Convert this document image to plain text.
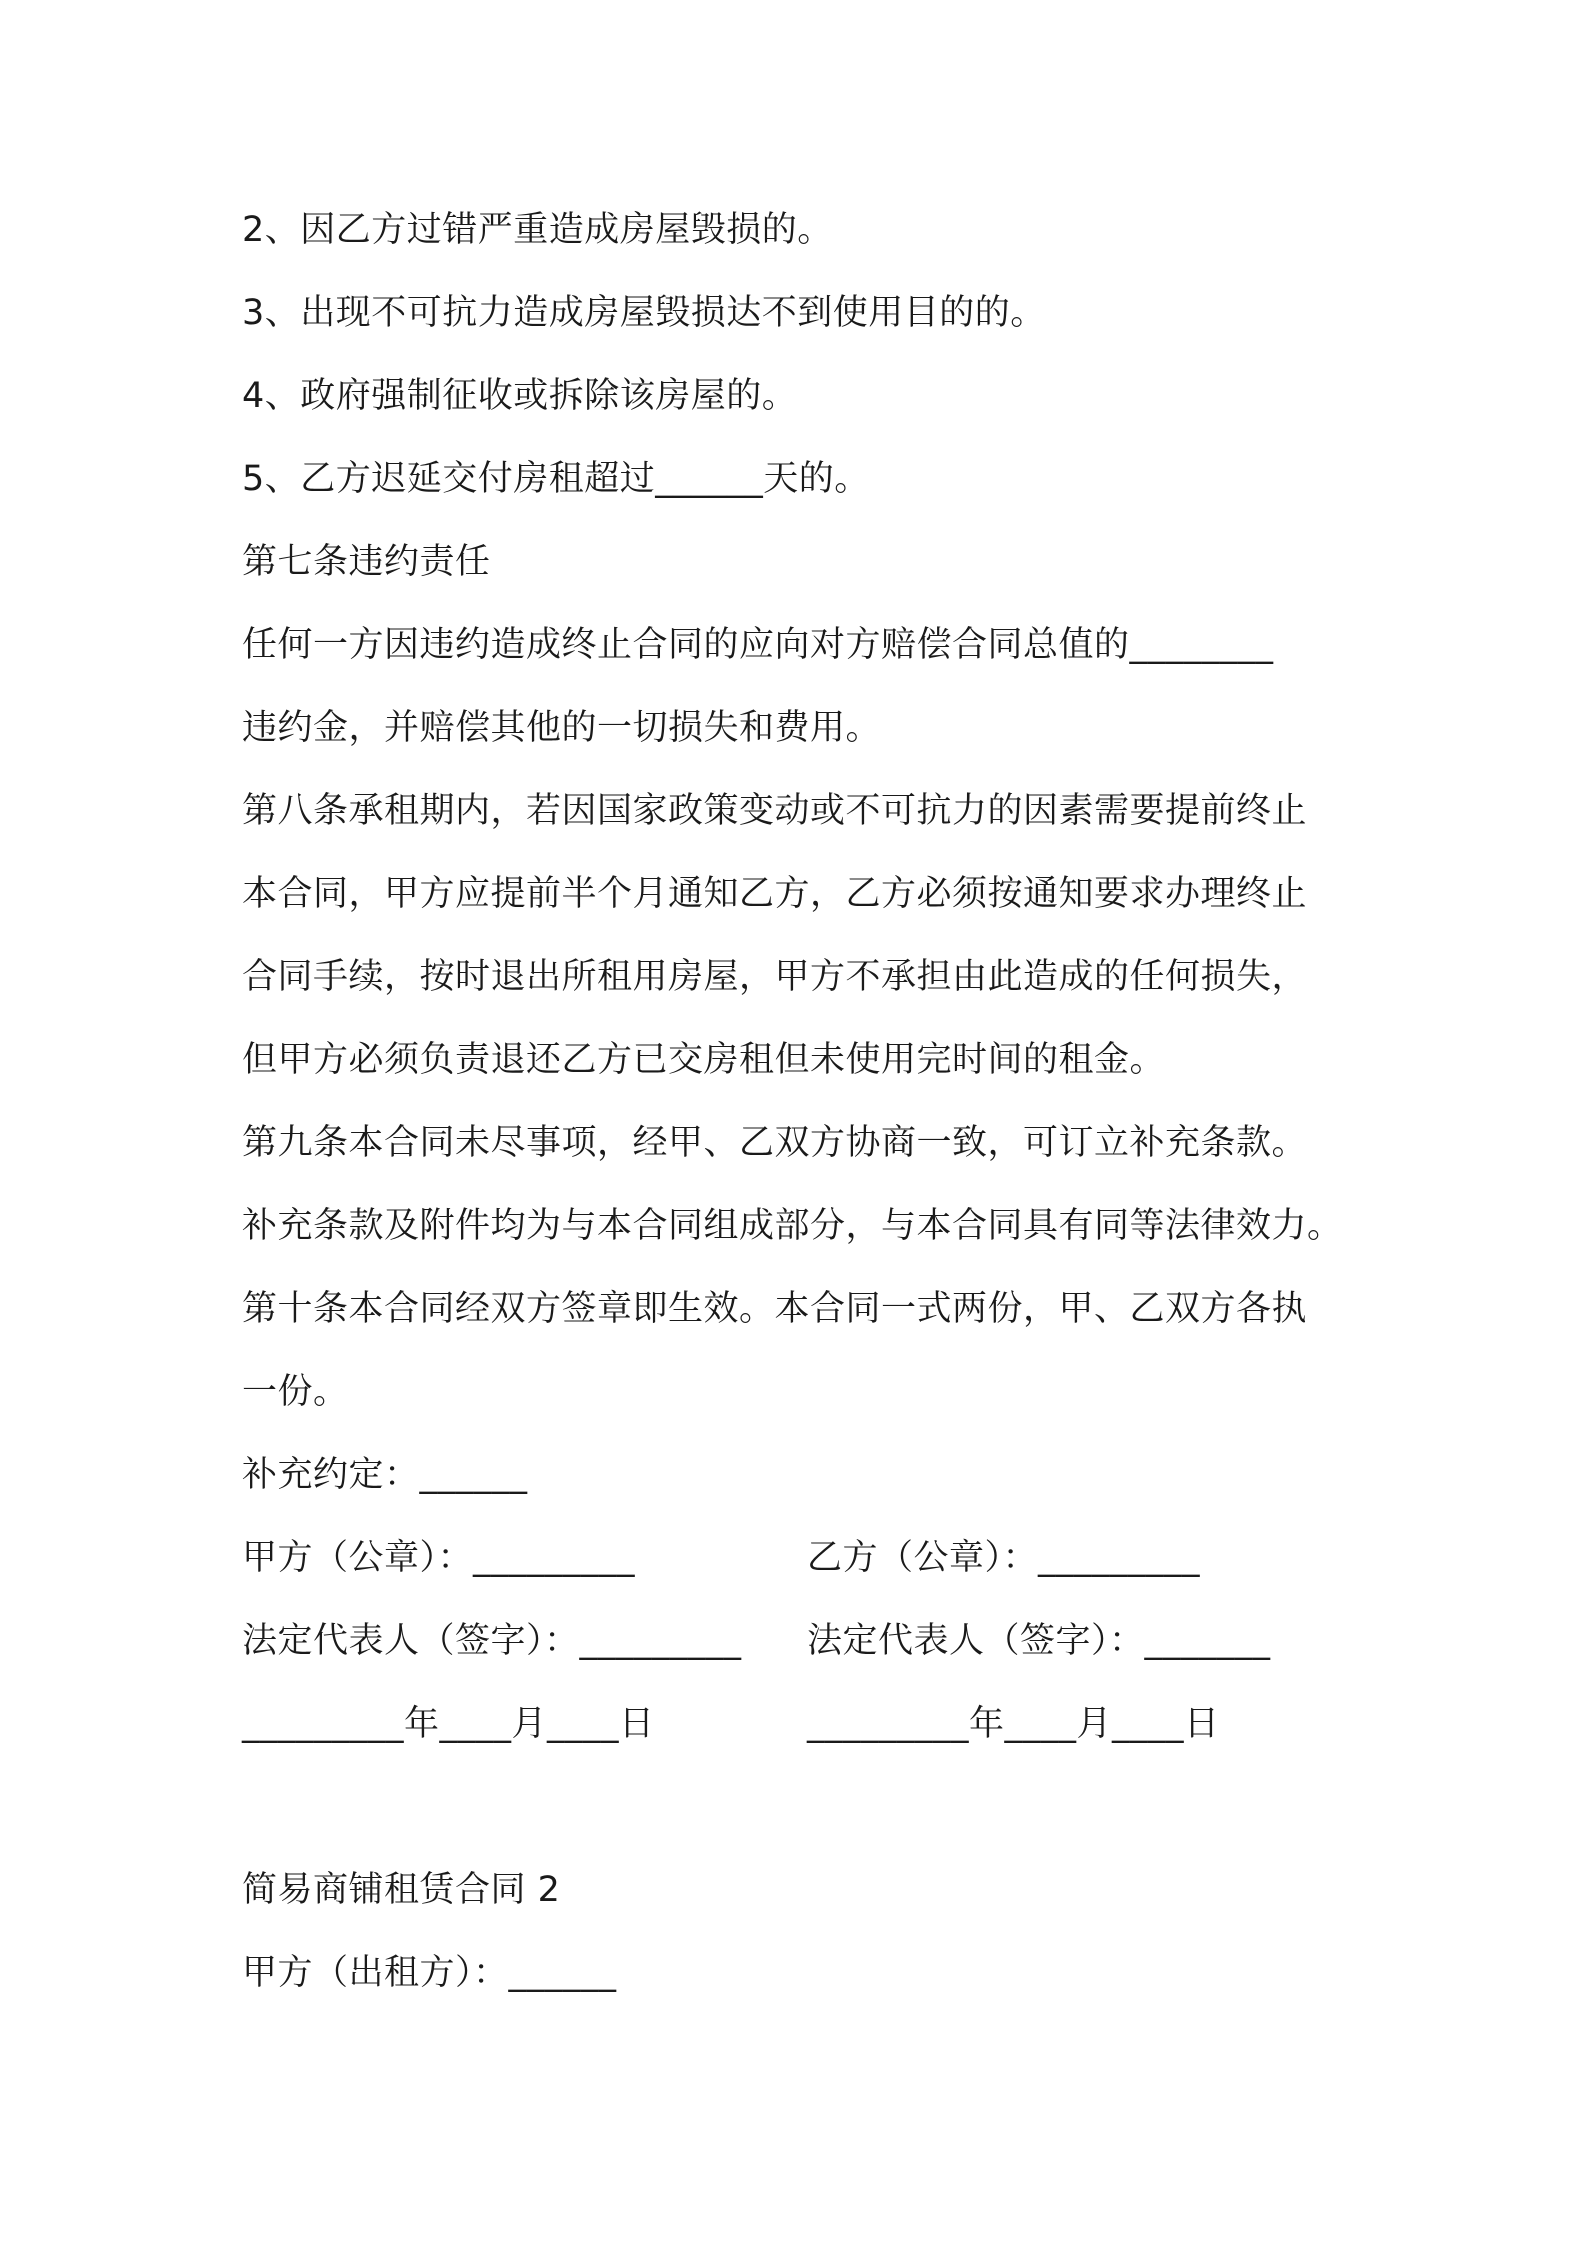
2、因乙方过错严重造成房屋毁损的。
3、出现不可抗力造成房屋毁损达不到使用目的的。
4、政府强制征收或拆除该房屋的。
5、乙方迟延交付房租超过______天的。
第七条违约责任
任何一方因违约造成终止合同的应向对方赔偿合同总值的________
违约金，并赔偿其他的一切损失和费用。
第八条承租期内，若因国家政策变动或不可抗力的因素需要提前终止
本合同，甲方应提前半个月通知乙方，乙方必须按通知要求办理终止
合同手续，按时退出所租用房屋，甲方不承担由此造成的任何损失，
但甲方必须负责退还乙方已交房租但未使用完时间的租金。
第九条本合同未尽事项，经甲、乙双方协商一致，可订立补充条款。
补充条款及附件均为与本合同组成部分，与本合同具有同等法律效力。
第十条本合同经双方签章即生效。本合同一式两份，甲、乙双方各执
一份。
补充约定：______
甲方（公章）：_________	乙方（公章）：_________
法定代表人（签字）：_________ 法定代表人（签字）：_______
_________年____月____日	_________年____月____日
简易商铺租赁合同 2
甲方（出租方）：______
